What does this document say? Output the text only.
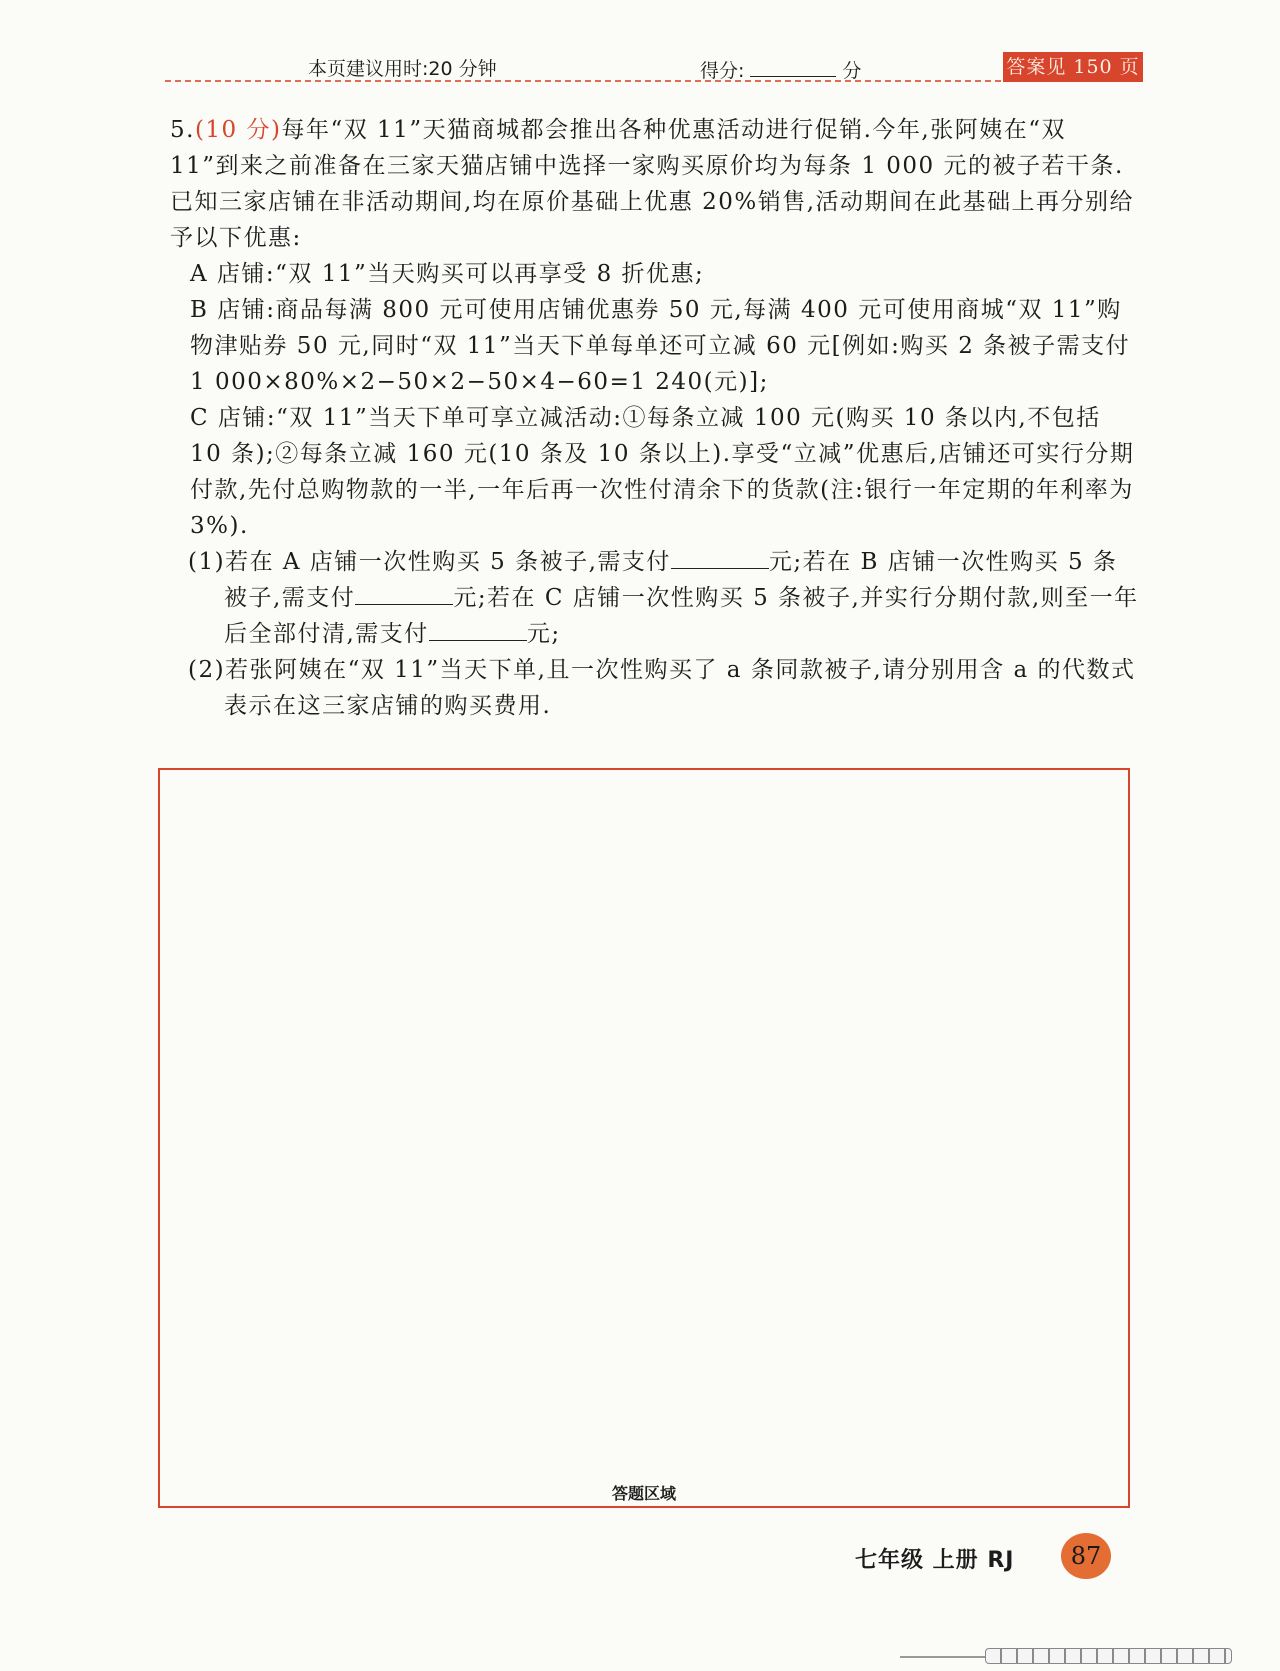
本页建议用时:20 分钟	得分:	分	答案见 150 页

5.(10 分)每年“双 11”天猫商城都会推出各种优惠活动进行促销.今年,张阿姨在“双 11”到来之前准备在三家天猫店铺中选择一家购买原价均为每条 1 000 元的被子若干条.已知三家店铺在非活动期间,均在原价基础上优惠 20%销售,活动期间在此基础上再分别给予以下优惠:

A 店铺:“双 11”当天购买可以再享受 8 折优惠;

B 店铺:商品每满 800 元可使用店铺优惠券 50 元,每满 400 元可使用商城“双 11”购物津贴券 50 元,同时“双 11”当天下单每单还可立减 60 元[例如:购买 2 条被子需支付 1 000×80%×2−50×2−50×4−60=1 240(元)];

C 店铺:“双 11”当天下单可享立减活动:①每条立减 100 元(购买 10 条以内,不包括 10 条);②每条立减 160 元(10 条及 10 条以上).享受“立减”优惠后,店铺还可实行分期付款,先付总购物款的一半,一年后再一次性付清余下的货款(注:银行一年定期的年利率为 3%).

(1)若在 A 店铺一次性购买 5 条被子,需支付	元;若在 B 店铺一次性购买 5 条被子,需支付	元;若在 C 店铺一次性购买 5 条被子,并实行分期付款,则至一年后全部付清,需支付	元;

(2)若张阿姨在“双 11”当天下单,且一次性购买了 a 条同款被子,请分别用含 a 的代数式表示在这三家店铺的购买费用.

答题区域
七年级 上册 RJ	87
